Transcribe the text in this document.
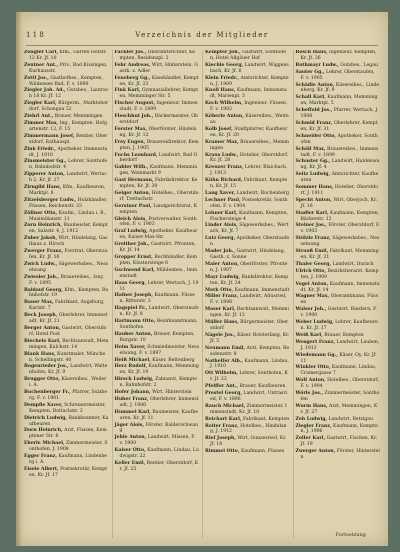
1 1 8	Verzeichnis der Mitglieder

Zengler Carl, Kfm., Garten Hofstr. 12 Kr. Jf. 10

Zentner Ant., Priv., Bad Kissingen, Kurhausstr.

Zettl Jos., Gasthofbes., Kempten, Wildensee Bad, F. v. 1890

Ziegler Joh. Ad., Gutsbes., Lautrach 18 Kr. Jf. 12

Ziegler Karl, Bürgerm., Marktoberdorf, Schongau 52

Ziehrl Ant., Brauer, Memmingen

Zimmer Max, Ing., Kempten, Hofgartenstr. 12, F. 15

Zimmermann Josef, Rentier, Oberstdorf, Rathauspl.

Zink Friedr., Apotheker, Immenstadt, J. 1910

Zinsmeister Gg., Lehrer, Sonthofen, Bahnhofstr. 4

Zipperer Anton, Landwirt, Wertach 2, Kr. Jf. 27

Zirngibl Hans, Kfm., Kaufbeuren, Marktpl. 8

Zitzelsberger Ludw., Holzhändler, Füssen, Reichenstr. 33

Zöllner Otto, Kaufm., Lindau i. B., Maximilianstr. 11

Zorn Heinrich, Baumeister, Kempten, Salzstr. 4, J. 1912

Zuber Jakob, Wirt, Hindelang, Gasthaus z. Hirsch

Zwerger Franz, Forstrat, Oberstaufen, Kr. Jf. 16

Zwick Ludw., Sägewerksbes., Nesselwang

Zwiesler Joh., Brauereibes., Isny, F. v. 1895

Baldauf Georg, Kfm., Kempten, Bahnhofstr. 19

Bauer Max, Fabrikant, Augsburg, Karlstr. 7

Beck Joseph, Oberlehrer, Immenstadt, Kr. Jf. 21

Berger Anton, Gastwirt, Oberstdorf, Hotel Post

Biechele Karl, Rechtsanwalt, Memmingen, Kalchstr. 14

Blank Hans, Kunstmaler, München, Schellingstr. 40

Bogenrieder Jos., Landwirt, Waltenhofen, Kr. Jf. 9

Brugger Otto, Käsereibes., Weiler i. A.

Buchenberger Fr., Pfarrer, Sulzberg, F. v. 1901

Dempfle Xaver, Schreinermeister, Kempten, Rottachstr. 3

Dietrich Ludwig, Bankbeamter, Kaufbeuren

Dorn Heinrich, Arzt, Füssen, Kemptener Str. 6

Eberle Michael, Zimmermeister, Sonthofen, J. 1908

Egger Franz, Kaufmann, Lindenberg i. A.

Eisele Albert, Postsekretär, Kempten, Kr. Jf. 17

Fackler Jos., Oberamtsrichter, Kempten, Residenzpl. 2

Fehr Andreas, Wirt, Hinterstein, Gasth. z. Adler

Feneberg Gg., Käsehändler, Kempten, Kr. Jf. 23

Fink Karl, Gymnasiallehrer, Kempten, Memminger Str. 5

Fischer August, Ingenieur, Immenstadt, F. v. 1899

Fleschhut Joh., Bäckermeister, Oberstdorf

Forster Max, Oberförster, Hindelang, Kr. Jf. 12

Frey Eugen, Brauereidirektor, Kempten, J. 1905

Fuchs Leonhard, Landwirt, Bad Oberdorf

Gabler Wilh., Kaufmann, Memmingen, Weinmarkt 9

Gast Hermann, Fabrikdirektor, Kempten, Kr. Jf. 30

Geiger Anton, Hotelbes., Oberstdorf, Trettachstr.

Gerstner Paul, Landgerichtsrat, Kempten

Gleich Alois, Postverwalter, Sonthofen, F. v. 1903

Graf Ludwig, Apotheker, Kaufbeuren, Kaiser-Max-Str.

Greither Joh., Gastwirt, Pfronten, Kr. Jf. 14

Gropper Ernst, Buchhändler, Kempten, Klostersteige 6

Gschwend Karl, Mühlenbes., Immenstadt

Haas Georg, Lehrer, Wertach, J. 1911

Hafner Joseph, Kaufmann, Füssen, Ritterstr. 3

Hagspiel Fr., Landwirt, Oberstaufen, Kr. Jf. 8

Hartmann Otto, Bezirksamtmann, Sonthofen

Hauber Anton, Brauer, Kempten, Burgstr. 10

Heim Xaver, Schmiedmeister, Nesselwang, F. v. 1897

Heiß Michael, Käser, Rettenberg

Herz Rudolf, Kaufmann, Memmingen, Kr. Jf. 19

Hirsch Ludwig, Zahnarzt, Kempten, Bahnhofstr. 2

Hofer Johann, Wirt, Hinterstein

Huber Franz, Oberlehrer, Immenstadt, J. 1906

Hummel Karl, Baumeister, Kaufbeuren, Kr. Jf. 11

Jäger Alois, Förster, Balderschwang

Jehle Anton, Landwirt, Missen, F. v. 1900

Kaiser Otto, Kaufmann, Lindau, Ludwigstr. 22

Keller Emil, Rentier, Oberstdorf, Kr. Jf. 25

Kempter Joh., Gastwirt, Sonthofen, Hotel Allgäuer Hof

Kiechle Georg, Landwirt, Wiggensbach, Kr. Jf. 6

Klein Friedr., Amtsrichter, Kempten, J. 1909

Knoll Hans, Kaufmann, Immenstadt, Marienpl. 3

Koch Wilhelm, Ingenieur, Füssen, F. v. 1902

Köberle Anton, Käsereibes., Weitnau

Kolb Josef, Stadtpfarrer, Kaufbeuren, Kr. Jf. 20

Kramer Max, Brauereibes., Memmingen

Kraus Ludw., Hotelier, Oberstdorf, Kr. Jf. 28

Kreuzer Franz, Lehrer, Blaichach, J. 1913

Kühn Richard, Fabrikant, Kempten, Kr. Jf. 15

Lang Xaver, Landwirt, Buchenberg

Lechner Paul, Postsekretär, Sonthofen, F. v. 1904

Lehner Karl, Kaufmann, Kempten, Fischersteige 4

Linder Alois, Sägewerksbes., Wertach, Kr. Jf. 7

Lutz Georg, Apotheker, Oberstaufen

Mader Joh., Gastwirt, Hindelang, Gasth. z. Sonne

Maier Anton, Oberförster, Pfronten, J. 1907

Mayr Ludwig, Bankdirektor, Kempten, Kr. Jf. 24

Merk Otto, Kaufmann, Immenstadt

Miller Franz, Landwirt, Altusried, F. v. 1898

Moser Karl, Rechtsanwalt, Memmingen, Kr. Jf. 13

Müller Hans, Bürgermeister, Oberstdorf

Nägele Jos., Käser, Bolsterlang, Kr. Jf. 5

Neumann Emil, Arzt, Kempten, Residenzstr. 8

Nothelfer Alb., Kaufmann, Lindau, J. 1910

Ott Wilhelm, Lehrer, Sonthofen, Kr. Jf. 22

Pfeiffer Ant., Brauer, Kaufbeuren

Prestel Georg, Landwirt, Untrasried, F. v. 1896

Rauch Michael, Zimmermeister, Immenstadt, Kr. Jf. 10

Reichart Karl, Fabrikant, Kempten

Reiter Franz, Hotelbes., Hindelang, J. 1912

Rief Joseph, Wirt, Gunzesried, Kr. Jf. 18

Rimmel Otto, Kaufmann, Füssen

Rösch Hans, Ingenieur, Kempten, Kr. Jf. 26

Rothmayr Ludw., Gutsbes., Legau

Sauter Gg., Lehrer, Oberstaufen, F. v. 1905

Schädle Anton, Käsereibes., Lindenberg, Kr. Jf. 9

Schall Karl, Kaufmann, Memmingen, Marktpl. 5

Scheffold Jos., Pfarrer, Wertach, J. 1908

Schmid Franz, Oberlehrer, Kempten, Kr. Jf. 31

Schneider Otto, Apotheker, Sonthofen

Schöll Max, Brauereibes., Immenstadt, F. v. 1899

Schuster Gg., Landwirt, Haldenwang, Kr. Jf. 4

Seitz Ludwig, Amtsrichter, Kaufbeuren

Sommer Hans, Hotelier, Oberstdorf, J. 1911

Specht Anton, Wirt, Oberjoch, Kr. Jf. 16

Stadler Karl, Kaufmann, Kempten, Bäckerstr. 12

Steiner Jos., Förster, Oberstdorf, F. v. 1903

Stölzle Franz, Sägewerksbes., Nesselwang

Strauß Emil, Fabrikant, Memmingen, Kr. Jf. 21

Thaler Georg, Landwirt, Durach

Ulrich Otto, Bezirkstierarzt, Kempten, J. 1909

Vogel Anton, Kaufmann, Immenstadt, Kr. Jf. 14

Wagner Max, Oberamtmann, Füssen

Walser Joh., Gastwirt, Riezlern, F. v. 1900

Weber Ludwig, Lehrer, Kaufbeuren, Kr. Jf. 17

Weiß Karl, Brauer, Kempten

Wengert Franz, Landwirt, Lauben, J. 1913

Wiedemann Gg., Käser, Oy, Kr. Jf. 11

Winkler Otto, Kaufmann, Lindau, Cramergasse 7

Wolf Anton, Hotelbes., Oberstdorf, F. v. 1904

Wörle Jos., Zimmermeister, Sonthofen

Wurm Hans, Arzt, Memmingen, Kr. Jf. 27

Zeh Ludwig, Landwirt, Betzigau

Ziegler Franz, Kaufmann, Kempten, J. 1906

Zoller Karl, Gastwirt, Fischen, Kr. Jf. 19

Zwerger Anton, Förster, Hinterstein

Fortsetzung
